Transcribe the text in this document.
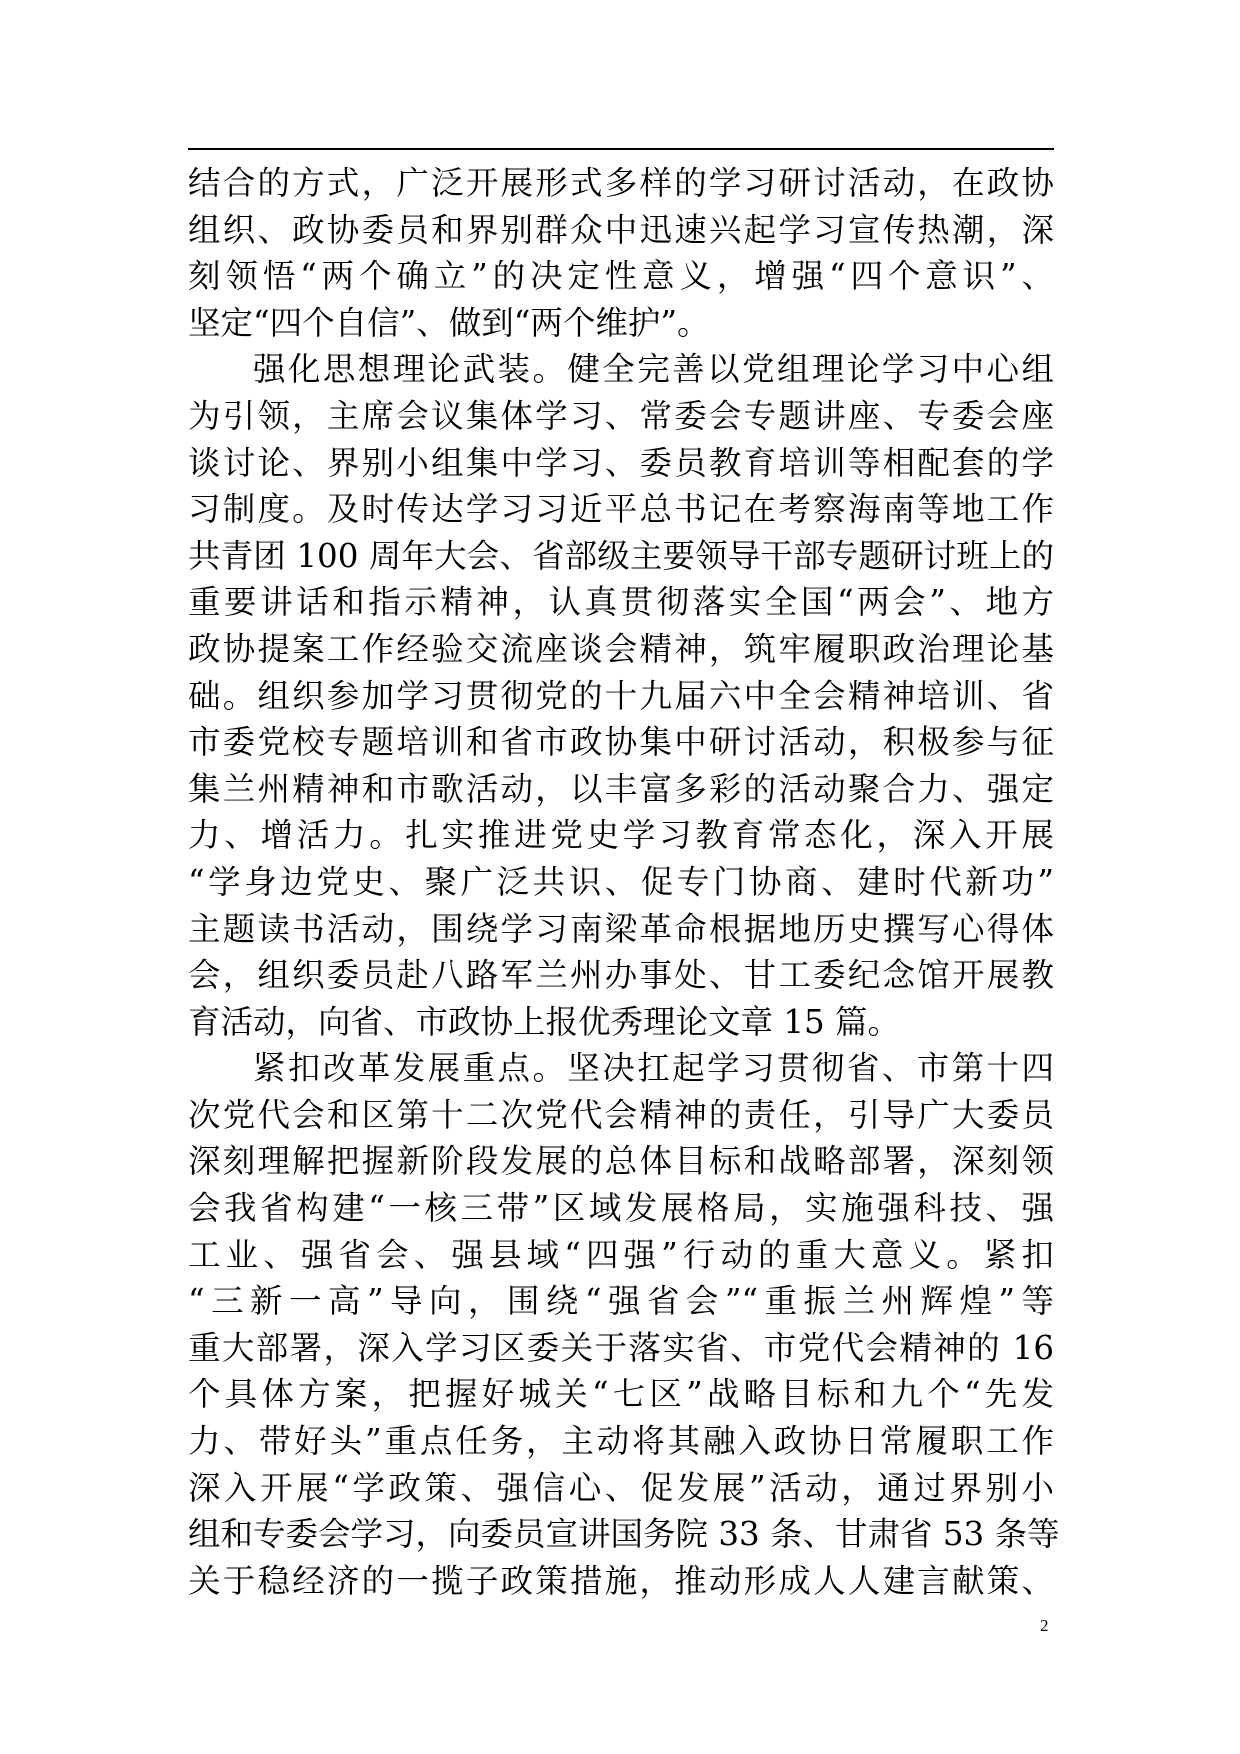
结合的方式，广泛开展形式多样的学习研讨活动，在政协
组织、政协委员和界别群众中迅速兴起学习宣传热潮，深
刻领悟“两个确立”的决定性意义，增强“四个意识”、
坚定“四个自信”、做到“两个维护”。
强化思想理论武装。健全完善以党组理论学习中心组
为引领，主席会议集体学习、常委会专题讲座、专委会座
谈讨论、界别小组集中学习、委员教育培训等相配套的学
习制度。及时传达学习习近平总书记在考察海南等地工作
共青团 100 周年大会、省部级主要领导干部专题研讨班上的
重要讲话和指示精神，认真贯彻落实全国“两会”、地方
政协提案工作经验交流座谈会精神，筑牢履职政治理论基
础。组织参加学习贯彻党的十九届六中全会精神培训、省
市委党校专题培训和省市政协集中研讨活动，积极参与征
集兰州精神和市歌活动，以丰富多彩的活动聚合力、强定
力、增活力。扎实推进党史学习教育常态化，深入开展
“学身边党史、聚广泛共识、促专门协商、建时代新功”
主题读书活动，围绕学习南梁革命根据地历史撰写心得体
会，组织委员赴八路军兰州办事处、甘工委纪念馆开展教
育活动，向省、市政协上报优秀理论文章 15 篇。
紧扣改革发展重点。坚决扛起学习贯彻省、市第十四
次党代会和区第十二次党代会精神的责任，引导广大委员
深刻理解把握新阶段发展的总体目标和战略部署，深刻领
会我省构建“一核三带”区域发展格局，实施强科技、强
工业、强省会、强县域“四强”行动的重大意义。紧扣
“三新一高”导向，围绕“强省会”“重振兰州辉煌”等
重大部署，深入学习区委关于落实省、市党代会精神的 16
个具体方案，把握好城关“七区”战略目标和九个“先发
力、带好头”重点任务，主动将其融入政协日常履职工作
深入开展“学政策、强信心、促发展”活动，通过界别小
组和专委会学习，向委员宣讲国务院 33 条、甘肃省 53 条等
关于稳经济的一揽子政策措施，推动形成人人建言献策、
2
